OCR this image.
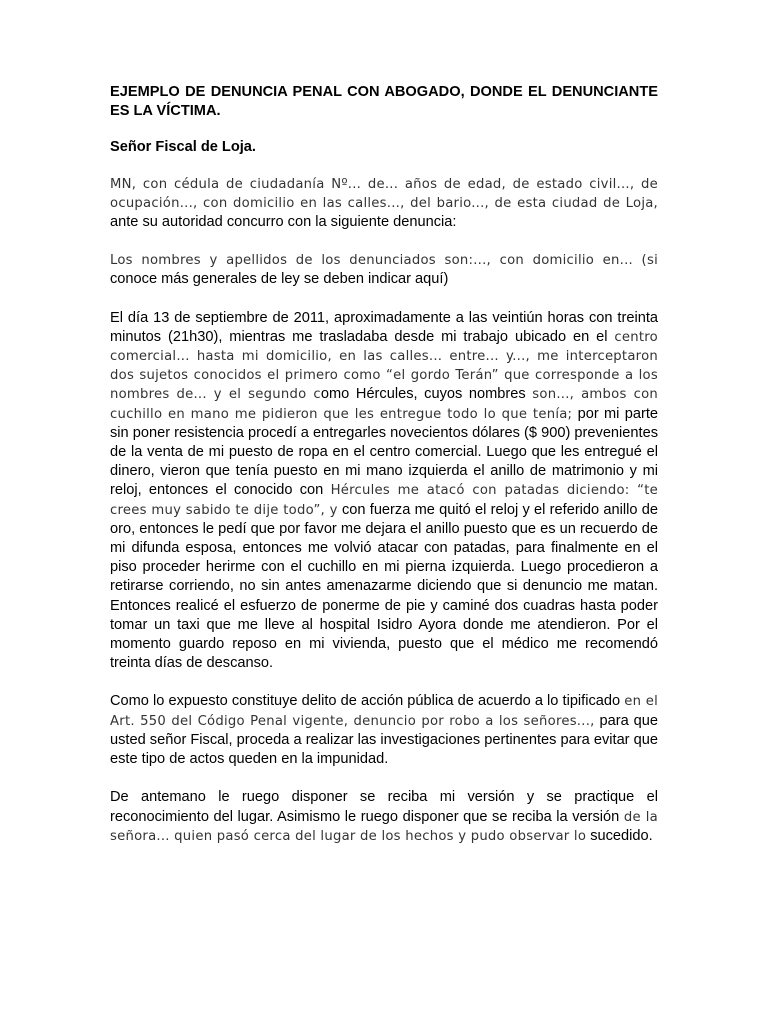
EJEMPLO DE DENUNCIA PENAL CON ABOGADO, DONDE EL DENUNCIANTE ES LA VÍCTIMA.
Señor Fiscal de Loja.
MN, con cédula de ciudadanía Nº... de... años de edad, de estado civil..., de ocupación..., con domicilio en las calles..., del bario..., de esta ciudad de Loja, ante su autoridad concurro con la siguiente denuncia:
Los nombres y apellidos de los denunciados son:..., con domicilio en... (si conoce más generales de ley se deben indicar aquí)
El día 13 de septiembre de 2011, aproximadamente a las veintiún horas con treinta minutos (21h30), mientras me trasladaba desde mi trabajo ubicado en el centro comercial... hasta mi domicilio, en las calles... entre... y..., me interceptaron dos sujetos conocidos el primero como “el gordo Terán” que corresponde a los nombres de... y el segundo como Hércules, cuyos nombres son..., ambos con cuchillo en mano me pidieron que les entregue todo lo que tenía; por mi parte sin poner resistencia procedí a entregarles novecientos dólares ($ 900) prevenientes de la venta de mi puesto de ropa en el centro comercial. Luego que les entregué el dinero, vieron que tenía puesto en mi mano izquierda el anillo de matrimonio y mi reloj, entonces el conocido con Hércules me atacó con patadas diciendo: “te crees muy sabido te dije todo”, y con fuerza me quitó el reloj y el referido anillo de oro, entonces le pedí que por favor me dejara el anillo puesto que es un recuerdo de mi difunda esposa, entonces me volvió atacar con patadas, para finalmente en el piso proceder herirme con el cuchillo en mi pierna izquierda. Luego procedieron a retirarse corriendo, no sin antes amenazarme diciendo que si denuncio me matan. Entonces realicé el esfuerzo de ponerme de pie y caminé dos cuadras hasta poder tomar un taxi que me lleve al hospital Isidro Ayora donde me atendieron. Por el momento guardo reposo en mi vivienda, puesto que el médico me recomendó treinta días de descanso.
Como lo expuesto constituye delito de acción pública de acuerdo a lo tipificado en el Art. 550 del Código Penal vigente, denuncio por robo a los señores..., para que usted señor Fiscal, proceda a realizar las investigaciones pertinentes para evitar que este tipo de actos queden en la impunidad.
De antemano le ruego disponer se reciba mi versión y se practique el reconocimiento del lugar. Asimismo le ruego disponer que se reciba la versión de la señora... quien pasó cerca del lugar de los hechos y pudo observar lo sucedido.
